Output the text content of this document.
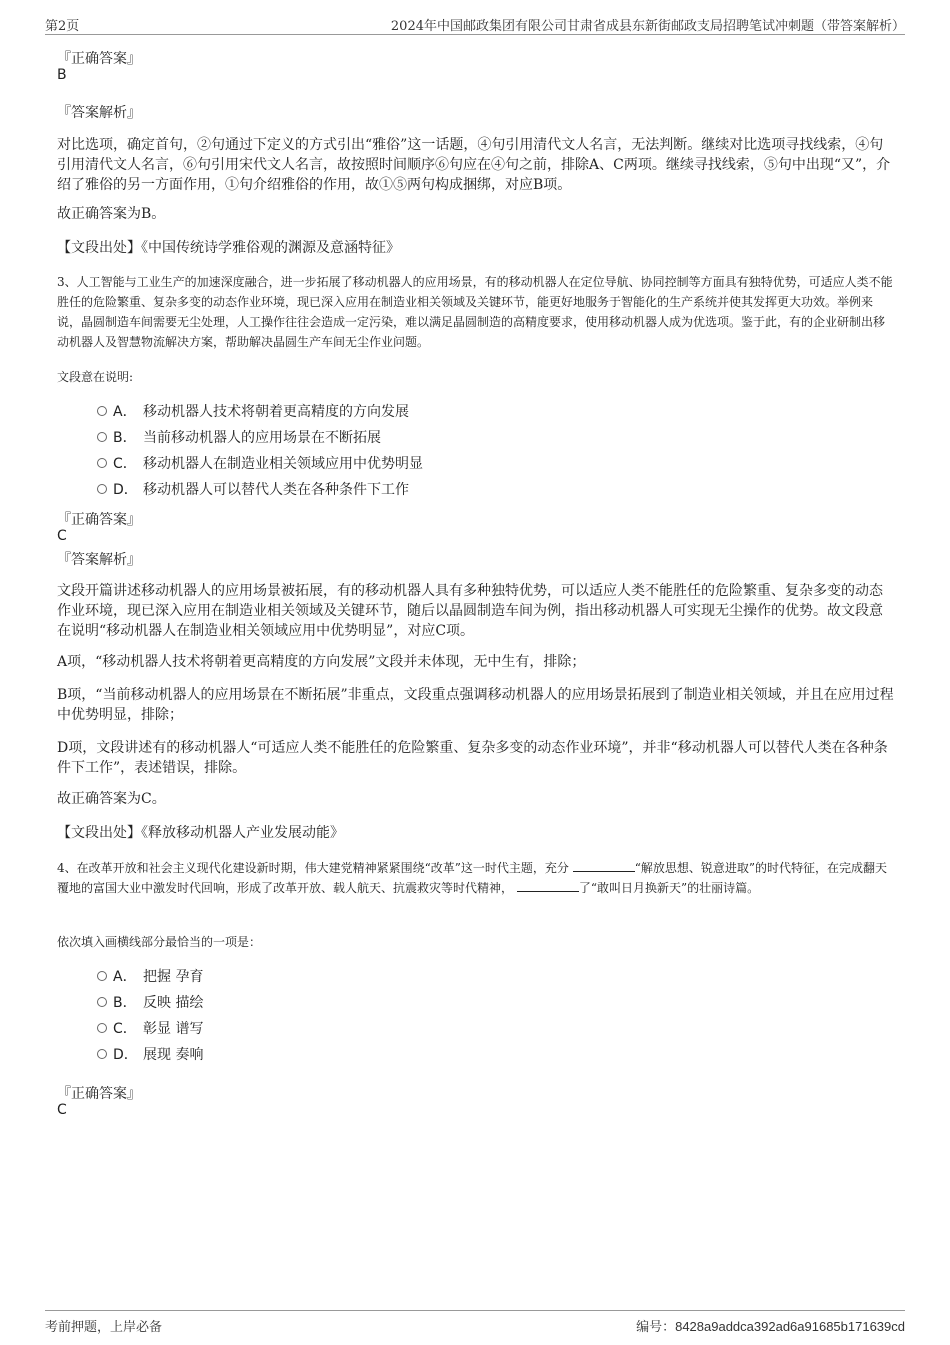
第2页	2024年中国邮政集团有限公司甘肃省成县东新街邮政支局招聘笔试冲刺题（带答案解析）
『正确答案』
B
『答案解析』
对比选项，确定首句，②句通过下定义的方式引出“雅俗”这一话题，④句引用清代文人名言，无法判断。继续对比选项寻找线索，④句引用清代文人名言，⑥句引用宋代文人名言，故按照时间顺序⑥句应在④句之前，排除A、C两项。继续寻找线索，⑤句中出现“又”，介绍了雅俗的另一方面作用，①句介绍雅俗的作用，故①⑤两句构成捆绑，对应B项。
故正确答案为B。
【文段出处】《中国传统诗学雅俗观的渊源及意涵特征》
3、人工智能与工业生产的加速深度融合，进一步拓展了移动机器人的应用场景，有的移动机器人在定位导航、协同控制等方面具有独特优势，可适应人类不能胜任的危险繁重、复杂多变的动态作业环境，现已深入应用在制造业相关领域及关键环节，能更好地服务于智能化的生产系统并使其发挥更大功效。举例来说，晶圆制造车间需要无尘处理，人工操作往往会造成一定污染，难以满足晶圆制造的高精度要求，使用移动机器人成为优选项。鉴于此，有的企业研制出移动机器人及智慧物流解决方案，帮助解决晶圆生产车间无尘作业问题。
文段意在说明:
A． 移动机器人技术将朝着更高精度的方向发展
B． 当前移动机器人的应用场景在不断拓展
C． 移动机器人在制造业相关领域应用中优势明显
D． 移动机器人可以替代人类在各种条件下工作
『正确答案』
C
『答案解析』
文段开篇讲述移动机器人的应用场景被拓展，有的移动机器人具有多种独特优势，可以适应人类不能胜任的危险繁重、复杂多变的动态作业环境，现已深入应用在制造业相关领域及关键环节，随后以晶圆制造车间为例，指出移动机器人可实现无尘操作的优势。故文段意在说明“移动机器人在制造业相关领域应用中优势明显”，对应C项。
A项，“移动机器人技术将朝着更高精度的方向发展”文段并未体现，无中生有，排除；
B项，“当前移动机器人的应用场景在不断拓展”非重点，文段重点强调移动机器人的应用场景拓展到了制造业相关领域，并且在应用过程中优势明显，排除；
D项，文段讲述有的移动机器人“可适应人类不能胜任的危险繁重、复杂多变的动态作业环境”，并非“移动机器人可以替代人类在各种条件下工作”，表述错误，排除。
故正确答案为C。
【文段出处】《释放移动机器人产业发展动能》
4、在改革开放和社会主义现代化建设新时期，伟大建党精神紧紧围绕“改革”这一时代主题，充分	“解放思想、锐意进取”的时代特征，在完成翻天覆地的富国大业中激发时代回响，形成了改革开放、载人航天、抗震救灾等时代精神，	了“敢叫日月换新天”的壮丽诗篇。
依次填入画横线部分最恰当的一项是：
A． 把握 孕育
B． 反映 描绘
C． 彰显 谱写
D． 展现 奏响
『正确答案』
C
考前押题，上岸必备	编号：8428a9addca392ad6a91685b171639cd
